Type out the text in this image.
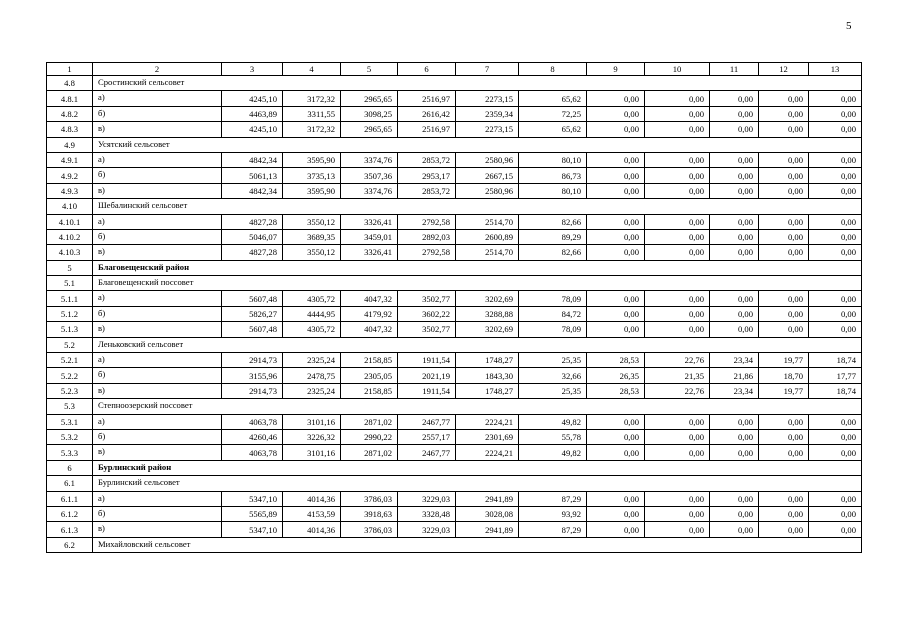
5
1	2	3	4	5	6	7	8	9	10	11	12	13
4.8	Сростинский сельсовет											
4.8.1	а)	4245,10	3172,32	2965,65	2516,97	2273,15	65,62	0,00	0,00	0,00	0,00	0,00
4.8.2	б)	4463,89	3311,55	3098,25	2616,42	2359,34	72,25	0,00	0,00	0,00	0,00	0,00
4.8.3	в)	4245,10	3172,32	2965,65	2516,97	2273,15	65,62	0,00	0,00	0,00	0,00	0,00
4.9	Усятский сельсовет											
4.9.1	а)	4842,34	3595,90	3374,76	2853,72	2580,96	80,10	0,00	0,00	0,00	0,00	0,00
4.9.2	б)	5061,13	3735,13	3507,36	2953,17	2667,15	86,73	0,00	0,00	0,00	0,00	0,00
4.9.3	в)	4842,34	3595,90	3374,76	2853,72	2580,96	80,10	0,00	0,00	0,00	0,00	0,00
4.10	Шебалинский сельсовет											
4.10.1	а)	4827,28	3550,12	3326,41	2792,58	2514,70	82,66	0,00	0,00	0,00	0,00	0,00
4.10.2	б)	5046,07	3689,35	3459,01	2892,03	2600,89	89,29	0,00	0,00	0,00	0,00	0,00
4.10.3	в)	4827,28	3550,12	3326,41	2792,58	2514,70	82,66	0,00	0,00	0,00	0,00	0,00
5	Благовещенский район											
5.1	Благовещенский поссовет											
5.1.1	а)	5607,48	4305,72	4047,32	3502,77	3202,69	78,09	0,00	0,00	0,00	0,00	0,00
5.1.2	б)	5826,27	4444,95	4179,92	3602,22	3288,88	84,72	0,00	0,00	0,00	0,00	0,00
5.1.3	в)	5607,48	4305,72	4047,32	3502,77	3202,69	78,09	0,00	0,00	0,00	0,00	0,00
5.2	Леньковский сельсовет											
5.2.1	а)	2914,73	2325,24	2158,85	1911,54	1748,27	25,35	28,53	22,76	23,34	19,77	18,74
5.2.2	б)	3155,96	2478,75	2305,05	2021,19	1843,30	32,66	26,35	21,35	21,86	18,70	17,77
5.2.3	в)	2914,73	2325,24	2158,85	1911,54	1748,27	25,35	28,53	22,76	23,34	19,77	18,74
5.3	Степноозерский поссовет											
5.3.1	а)	4063,78	3101,16	2871,02	2467,77	2224,21	49,82	0,00	0,00	0,00	0,00	0,00
5.3.2	б)	4260,46	3226,32	2990,22	2557,17	2301,69	55,78	0,00	0,00	0,00	0,00	0,00
5.3.3	в)	4063,78	3101,16	2871,02	2467,77	2224,21	49,82	0,00	0,00	0,00	0,00	0,00
6	Бурлинский район											
6.1	Бурлинский сельсовет											
6.1.1	а)	5347,10	4014,36	3786,03	3229,03	2941,89	87,29	0,00	0,00	0,00	0,00	0,00
6.1.2	б)	5565,89	4153,59	3918,63	3328,48	3028,08	93,92	0,00	0,00	0,00	0,00	0,00
6.1.3	в)	5347,10	4014,36	3786,03	3229,03	2941,89	87,29	0,00	0,00	0,00	0,00	0,00
6.2	Михайловский сельсовет											
